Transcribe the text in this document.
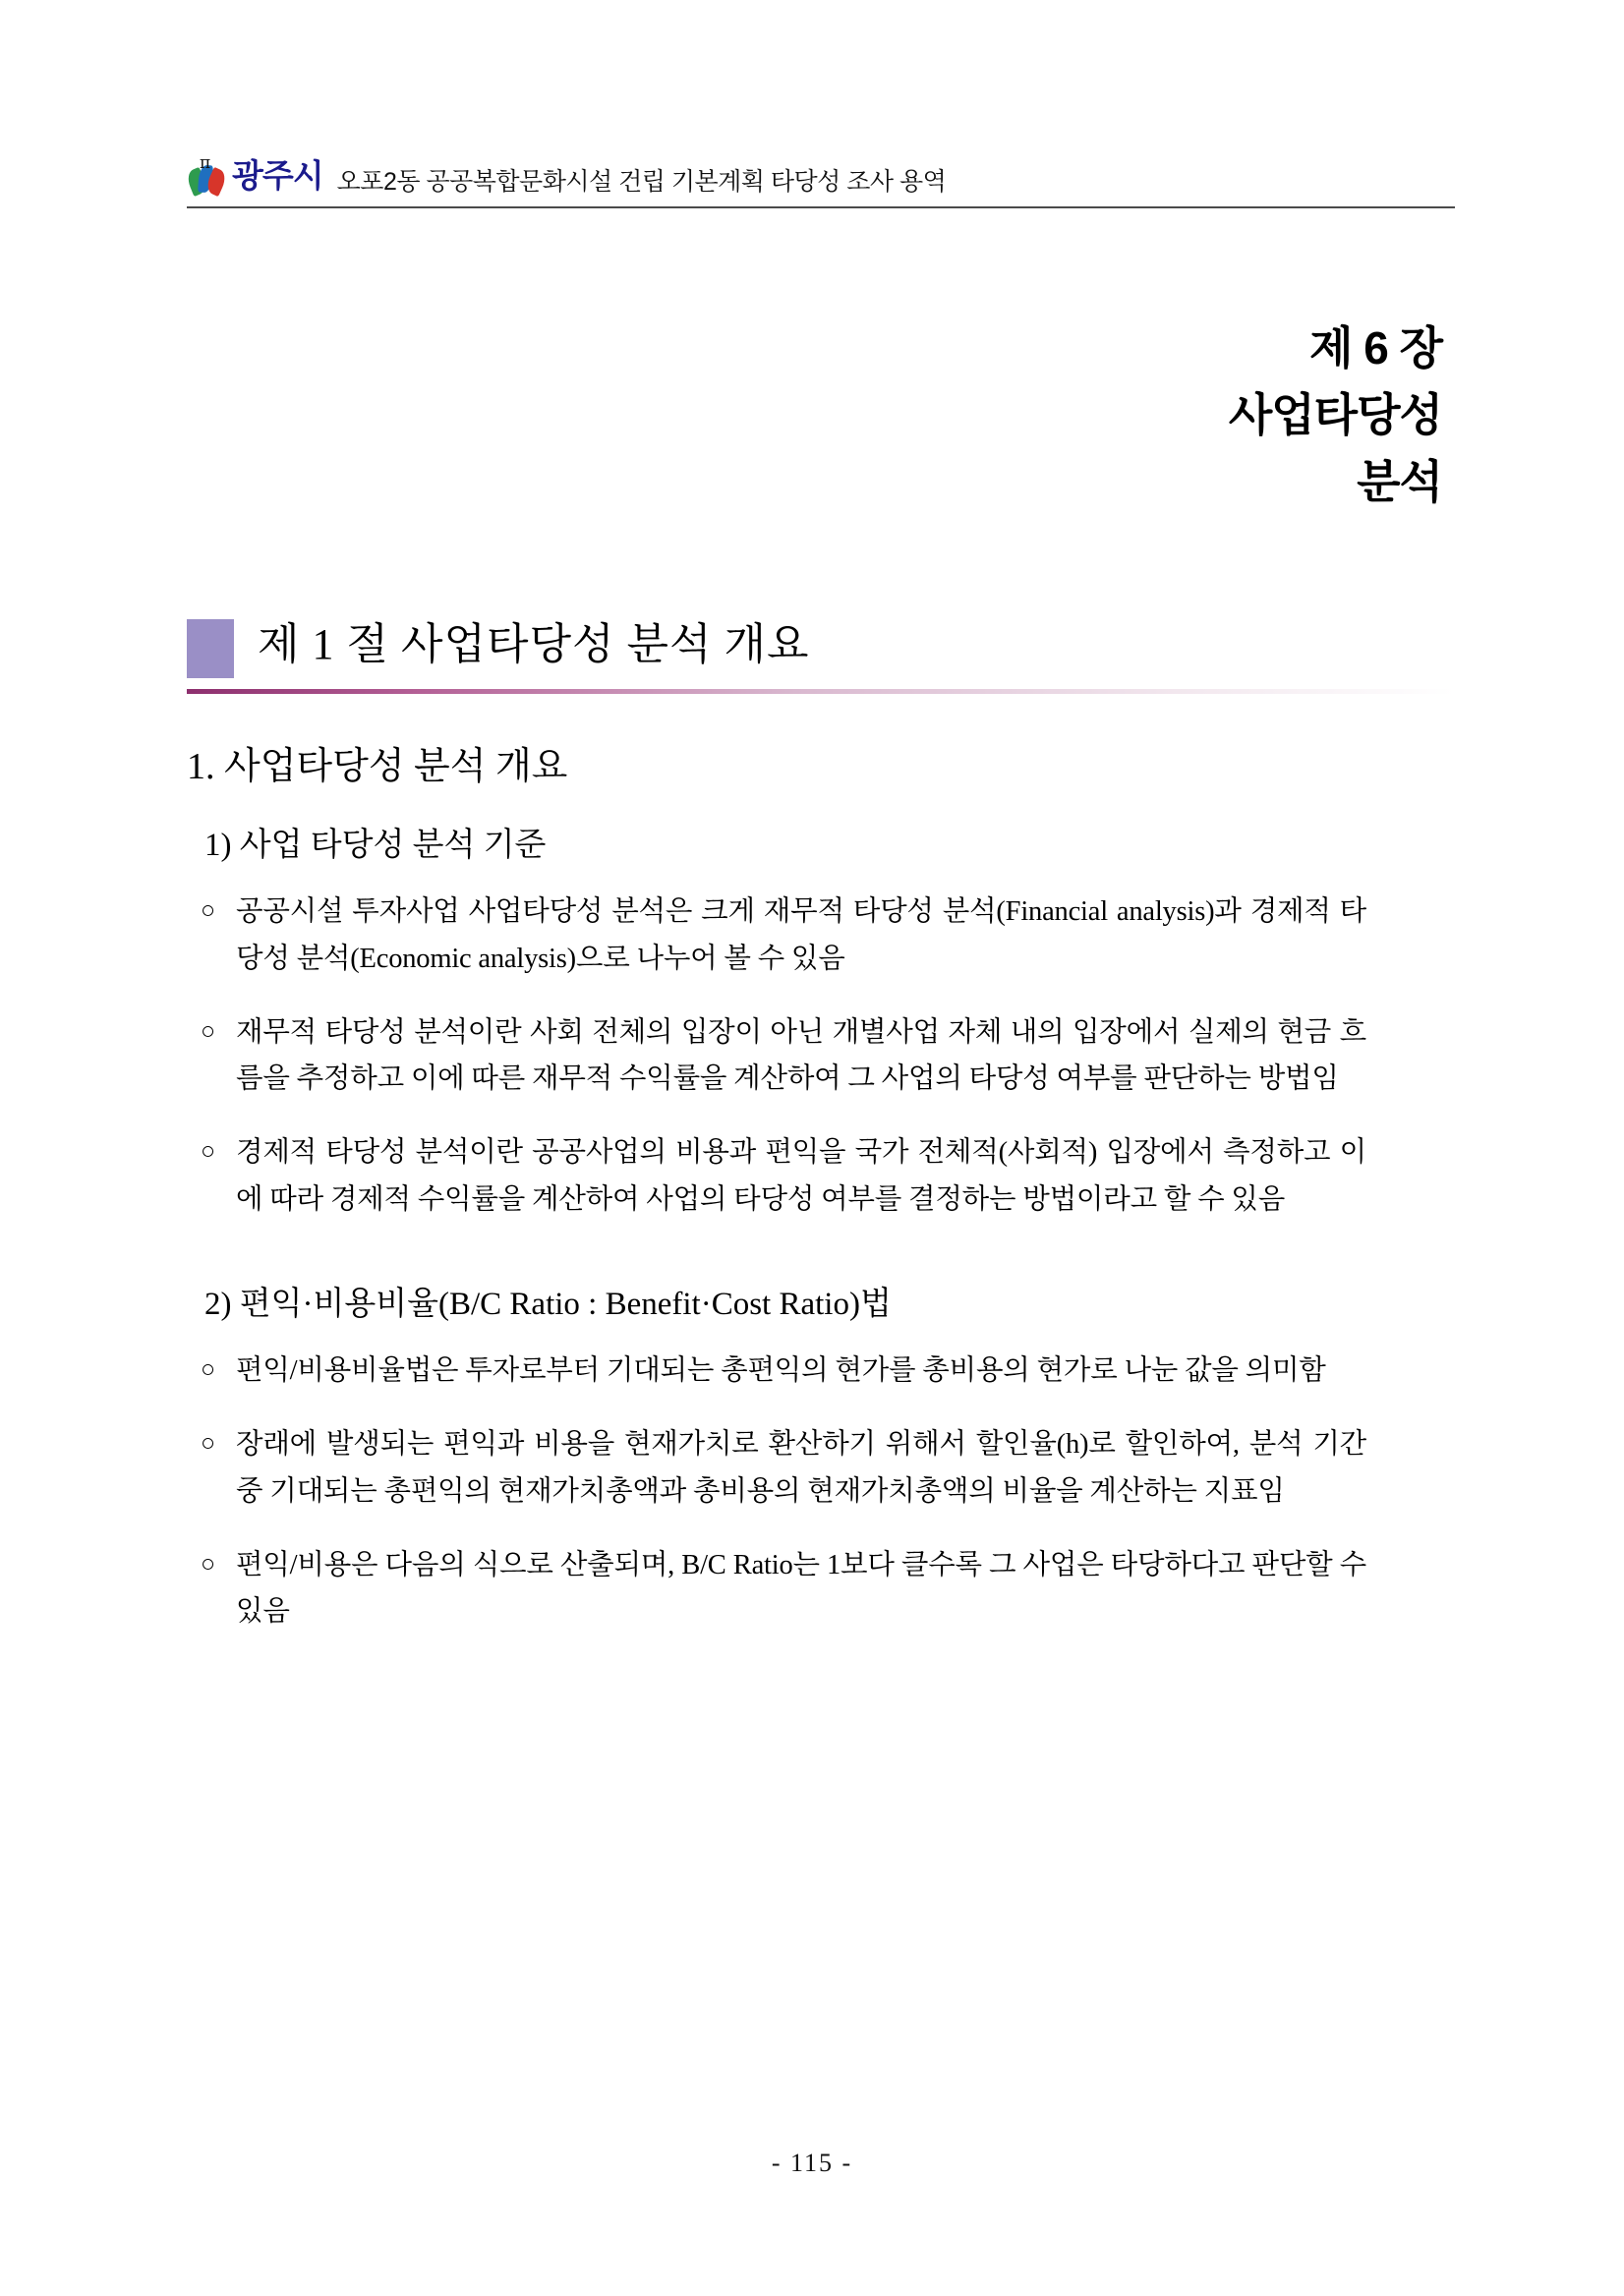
π 광주시 오포2동 공공복합문화시설 건립 기본계획 타당성 조사 용역
제 6 장
사업타당성
분석
제 1 절 사업타당성 분석 개요
1. 사업타당성 분석 개요
1) 사업 타당성 분석 기준
○ 공공시설 투자사업 사업타당성 분석은 크게 재무적 타당성 분석(Financial analysis)과 경제적 타당성 분석(Economic analysis)으로 나누어 볼 수 있음
○ 재무적 타당성 분석이란 사회 전체의 입장이 아닌 개별사업 자체 내의 입장에서 실제의 현금 흐름을 추정하고 이에 따른 재무적 수익률을 계산하여 그 사업의 타당성 여부를 판단하는 방법임
○ 경제적 타당성 분석이란 공공사업의 비용과 편익을 국가 전체적(사회적) 입장에서 측정하고 이에 따라 경제적 수익률을 계산하여 사업의 타당성 여부를 결정하는 방법이라고 할 수 있음
2) 편익·비용비율(B/C Ratio : Benefit·Cost Ratio)법
○ 편익/비용비율법은 투자로부터 기대되는 총편익의 현가를 총비용의 현가로 나눈 값을 의미함
○ 장래에 발생되는 편익과 비용을 현재가치로 환산하기 위해서 할인율(h)로 할인하여, 분석 기간 중 기대되는 총편익의 현재가치총액과 총비용의 현재가치총액의 비율을 계산하는 지표임
○ 편익/비용은 다음의 식으로 산출되며, B/C Ratio는 1보다 클수록 그 사업은 타당하다고 판단할 수 있음
- 115 -
